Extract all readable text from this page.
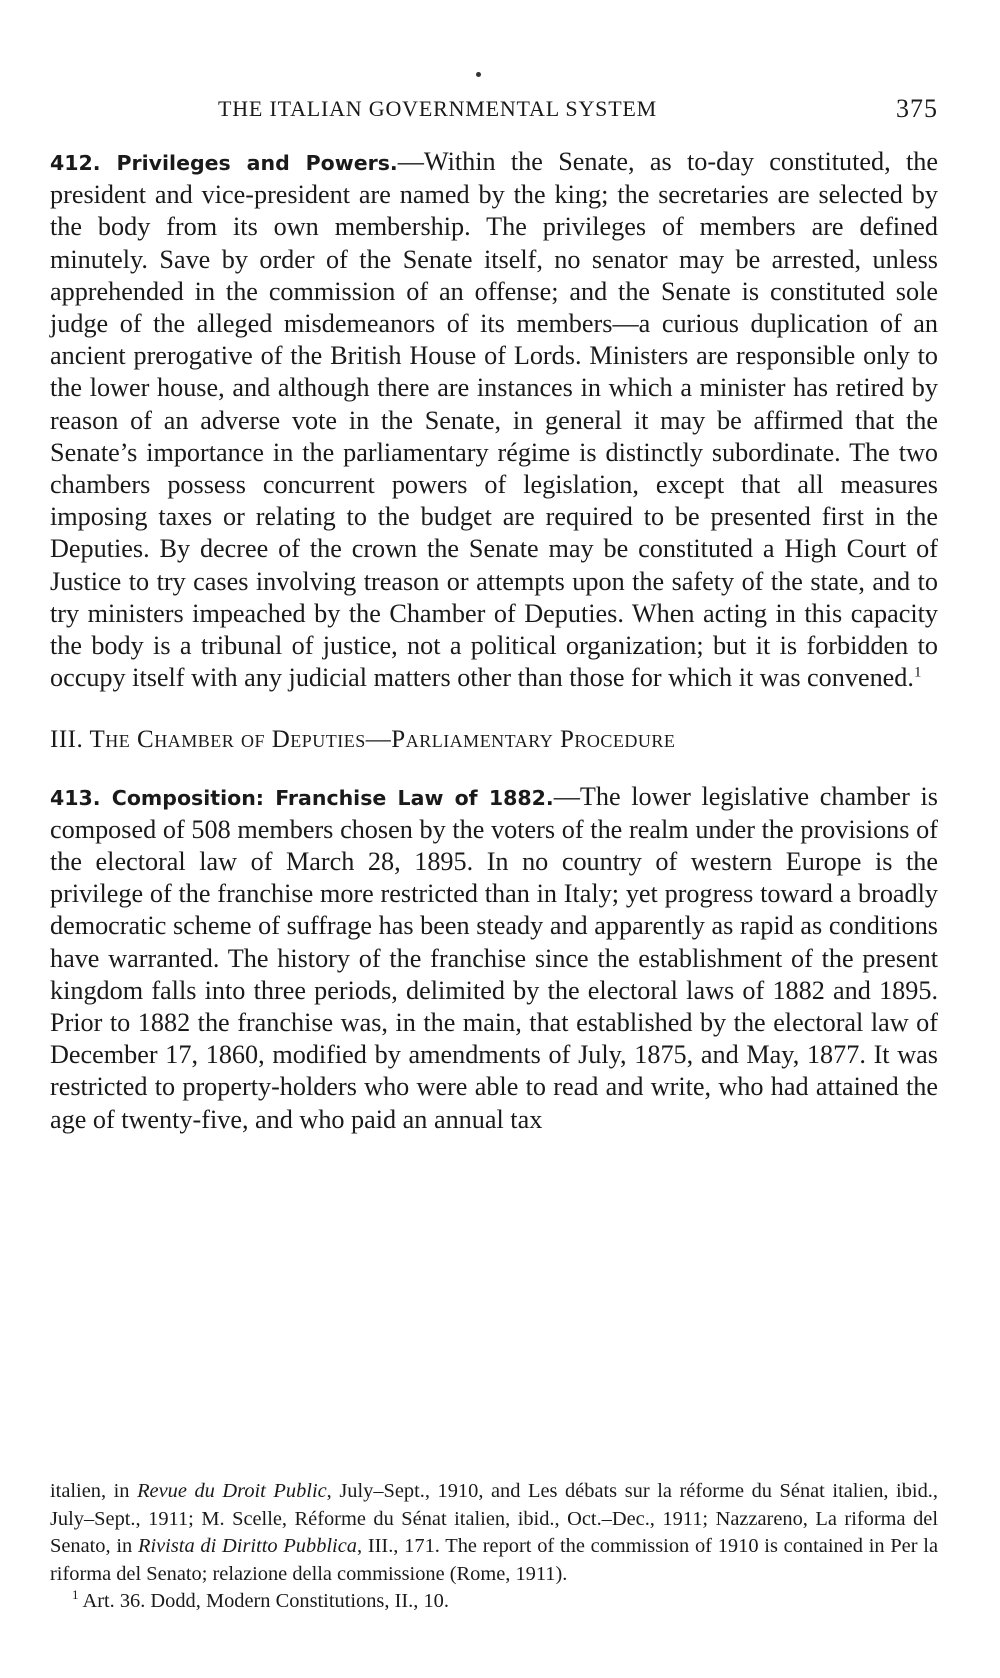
THE ITALIAN GOVERNMENTAL SYSTEM	375

412. Privileges and Powers.—Within the Senate, as to-day constituted, the president and vice-president are named by the king; the secretaries are selected by the body from its own membership. The privileges of members are defined minutely. Save by order of the Senate itself, no senator may be arrested, unless apprehended in the commission of an offense; and the Senate is constituted sole judge of the alleged misdemeanors of its members—a curious duplication of an ancient prerogative of the British House of Lords. Ministers are responsible only to the lower house, and although there are instances in which a minister has retired by reason of an adverse vote in the Senate, in general it may be affirmed that the Senate’s importance in the parliamentary régime is distinctly subordinate. The two chambers possess concurrent powers of legislation, except that all measures imposing taxes or relating to the budget are required to be presented first in the Deputies. By decree of the crown the Senate may be constituted a High Court of Justice to try cases involving treason or attempts upon the safety of the state, and to try ministers impeached by the Chamber of Deputies. When acting in this capacity the body is a tribunal of justice, not a political organization; but it is forbidden to occupy itself with any judicial matters other than those for which it was convened.$^1$

III. The Chamber of Deputies—Parliamentary Procedure

413. Composition: Franchise Law of 1882.—The lower legislative chamber is composed of 508 members chosen by the voters of the realm under the provisions of the electoral law of March 28, 1895. In no country of western Europe is the privilege of the franchise more restricted than in Italy; yet progress toward a broadly democratic scheme of suffrage has been steady and apparently as rapid as conditions have warranted. The history of the franchise since the establishment of the present kingdom falls into three periods, delimited by the electoral laws of 1882 and 1895. Prior to 1882 the franchise was, in the main, that established by the electoral law of December 17, 1860, modified by amendments of July, 1875, and May, 1877. It was restricted to property-holders who were able to read and write, who had attained the age of twenty-five, and who paid an annual tax

italien, in Revue du Droit Public, July–Sept., 1910, and Les débats sur la réforme du Sénat italien, ibid., July–Sept., 1911; M. Scelle, Réforme du Sénat italien, ibid., Oct.–Dec., 1911; Nazzareno, La riforma del Senato, in Rivista di Diritto Pubblica, III., 171. The report of the commission of 1910 is contained in Per la riforma del Senato; relazione della commissione (Rome, 1911).

$^1$ Art. 36. Dodd, Modern Constitutions, II., 10.
